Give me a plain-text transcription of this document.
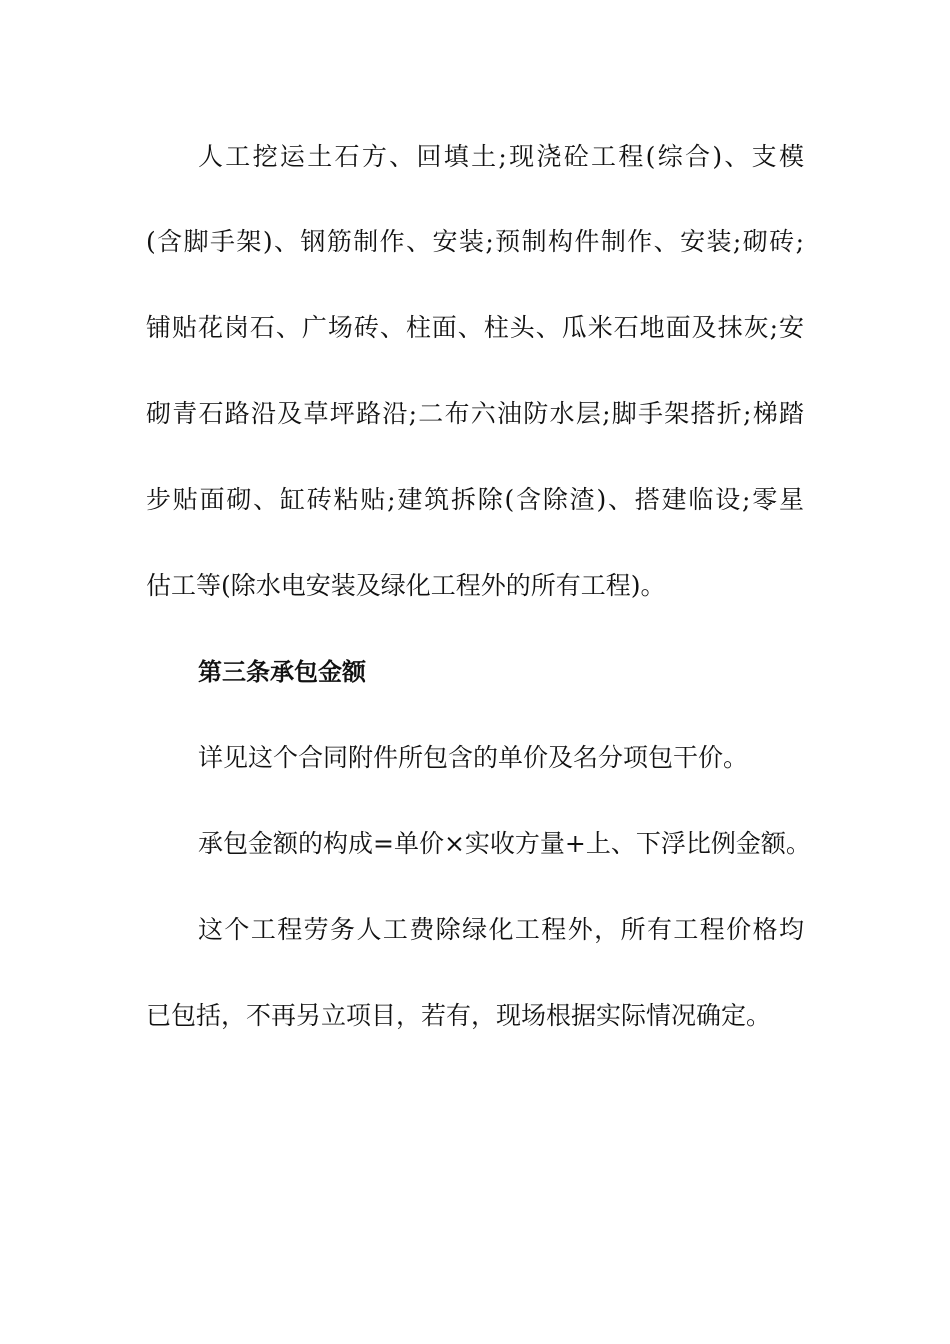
人工挖运土石方、回填土;现浇砼工程(综合)、支模
(含脚手架)、钢筋制作、安装;预制构件制作、安装;砌砖;
铺贴花岗石、广场砖、柱面、柱头、瓜米石地面及抹灰;安
砌青石路沿及草坪路沿;二布六油防水层;脚手架搭折;梯踏
步贴面砌、缸砖粘贴;建筑拆除(含除渣)、搭建临设;零星
估工等(除水电安装及绿化工程外的所有工程)。
第三条承包金额
详见这个合同附件所包含的单价及名分项包干价。
承包金额的构成=单价×实收方量+上、下浮比例金额。
这个工程劳务人工费除绿化工程外，所有工程价格均
已包括，不再另立项目，若有，现场根据实际情况确定。
